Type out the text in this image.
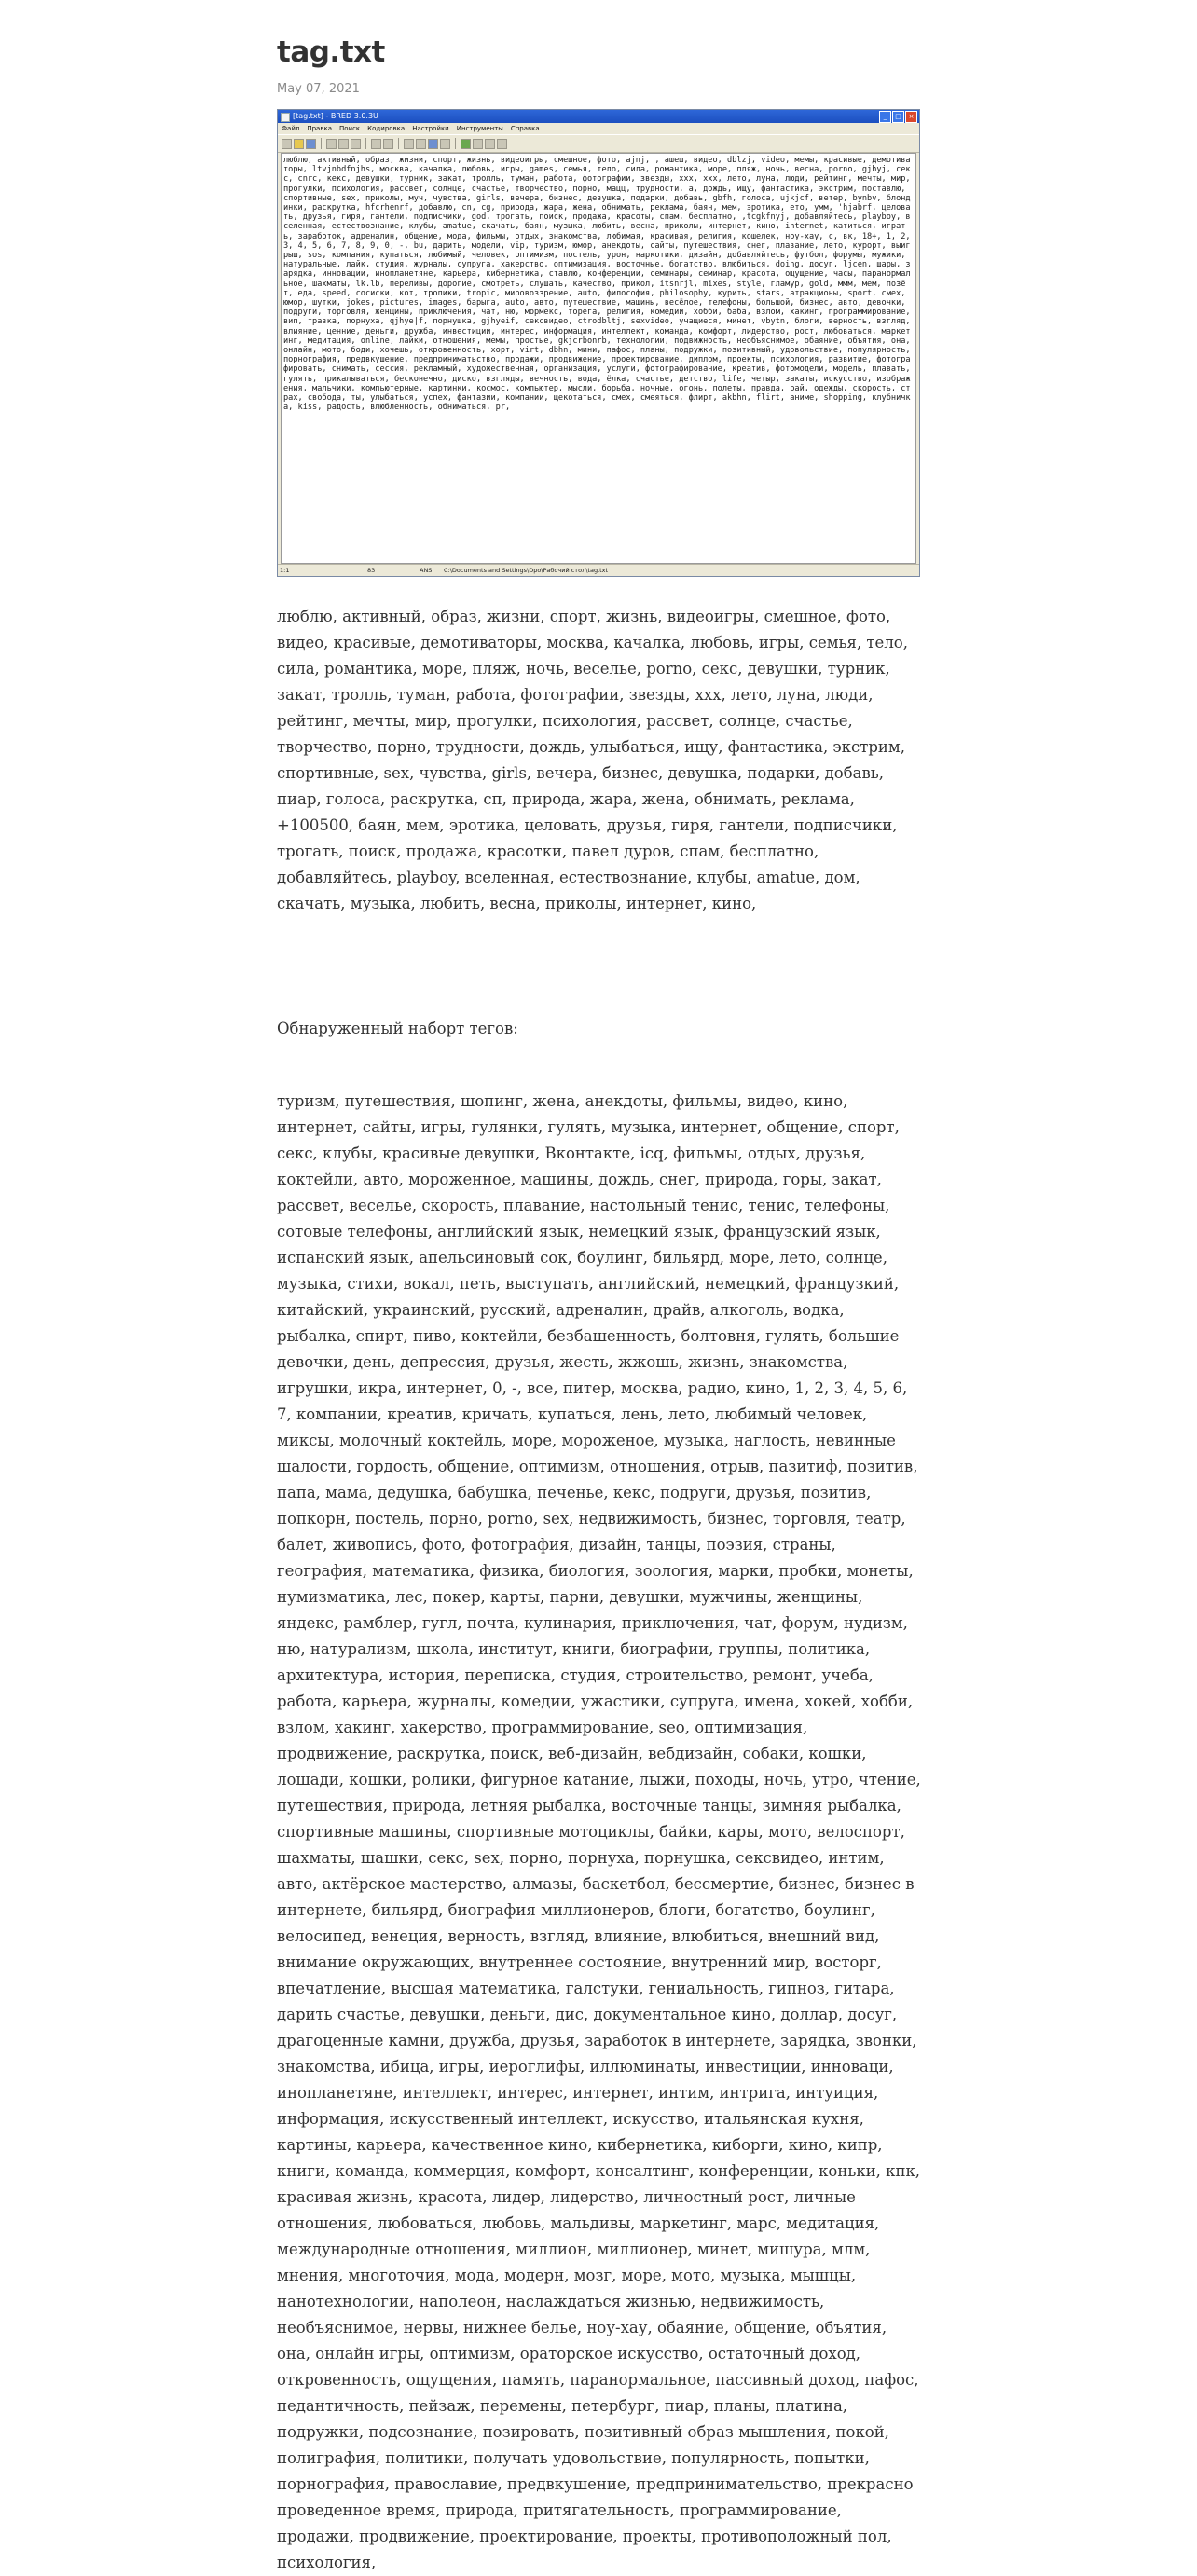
tag.txt
May 07, 2021
[tag.txt] - BRED 3.0.3U	_	□	×
Файл Правка Поиск Кодировка Настройки Инструменты Справка
люблю, активный, образ, жизни, спорт, жизнь, видеоигры, смешное, фото, ajnj, , ашеш, видео, dblzj, video, мемы, красивые, демотиваторы, ltvjnbdfnjhs, москва, качалка, любовь, игры, games, семья, тело, сила, романтика, море, пляж, ночь, весна, porno, gjhyj, секс, cnrc, кекс, девушки, турник, закат, тролль, туман, работа, фотографии, звезды, xxx, ххх, лето, луна, люди, рейтинг, мечты, мир, прогулки, психология, рассвет, солнце, счастье, творчество, порно, мацц, трудности, а, дождь, ищу, фантастика, экстрим, поставлю, спортивные, sex, приколы, муч, чувства, girls, вечера, бизнес, девушка, подарки, добавь, gbfh, голоса, ujkjcf, ветер, bynbv, блондинки, раскрутка, hfcrhenrf, добавлю, cn, cg, природа, жара, жена, обнимать, реклама, баян, мем, эротика, ето, умм, 'hjabrf, целовать, друзья, гиря, гантели, подписчики, god, трогать, поиск, продажа, красоты, спам, бесплатно, ,tcgkfnyj, добавляйтесь, playboy, вселенная, естествознание, клубы, amatue, скачать, баян, музыка, любить, весна, приколы, интернет, кино, internet, катиться, играть, заработок, адреналин, общение, мода, фильмы, отдых, знакомства, любимая, красивая, религия, кошелек, ноу-хау, с, вк, 18+, 1, 2, 3, 4, 5, 6, 7, 8, 9, 0, -, bu, дарить, модели, vip, туризм, юмор, анекдоты, сайты, путешествия, снег, плавание, лето, курорт, выигрыш, sos, компания, купаться, любимый, человек, оптимизм, постель, урон, наркотики, дизайн, добавляйтесь, футбол, форумы, мужики, натуральные, лайк, студия, журналы, супруга, хакерство, оптимизация, восточные, богатство, влюбиться, doing, досуг, ljcen, шары, зарядка, инновации, инопланетяне, карьера, кибернетика, ставлю, конференции, семинары, семинар, красота, ощущение, часы, паранормальное, шахматы, lk.lb, переливы, дорогие, смотреть, слушать, качество, прикол, itsnrjl, mixes, style, гламур, gold, ммм, мем, позёт, еда, speed, сосиски, кот, тропики, tropic, мировоззрение, auto, философия, philosophy, курить, stars, атракционы, sport, смех, юмор, шутки, jokes, pictures, images, барыга, auto, авто, путешествие, машины, весёлое, телефоны, большой, бизнес, авто, девочки, подруги, торговля, женщины, приключения, чат, ню, мормекс, торега, религия, комедии, хобби, баба, взлом, хакинг, программирование, вип, травка, порнуха, qjhye|f, порнушка, gjhyeif, сексвидео, ctrodbltj, sexvideo, учащиеся, минет, vbytn, блоги, верность, взгляд, влияние, ценние, деньги, дружба, инвестиции, интерес, информация, интеллект, команда, комфорт, лидерство, рост, любоваться, маркетинг, медитация, online, лайки, отношения, мемы, простые, gkjcrbonrb, технологии, подвижность, необъяснимое, обаяние, объятия, она, онлайн, мото, боди, хочешь, откровенность, хорт, virt, dbhn, мини, пафос, планы, подружки, позитивный, удовольствие, популярность, порнография, предвкушение, предприниматьство, продажи, продвижение, проектирование, диплом, проекты, психология, развитие, фотографировать, снимать, сессия, рекламный, художественная, организация, услуги, фотографирование, креатив, фотомодели, модель, плавать, гулять, прикалываться, бесконечно, диско, взгляды, вечность, вода, ёлка, счастье, детство, life, четыр, закаты, искусство, изображения, мальчики, компьютерные, картинки, космос, компьютер, мысли, борьба, ночные, огонь, полеты, правда, рай, одежды, скорость, страх, свобода, ты, улыбаться, успех, фантазии, компании, щекотаться, смех, смеяться, флирт, akbhn, flirt, аниме, shopping, клубничка, kiss, радость, влюбленность, обниматься, pr,
1:1	83	ANSI C:\Documents and Settings\Dpo\Рабочий стол\tag.txt

люблю, активный, образ, жизни, спорт, жизнь, видеоигры, смешное, фото, видео, красивые, демотиваторы, москва, качалка, любовь, игры, семья, тело, сила, романтика, море, пляж, ночь, веселье, porno, секс, девушки, турник, закат, тролль, туман, работа, фотографии, звезды, xxx, лето, луна, люди, рейтинг, мечты, мир, прогулки, психология, рассвет, солнце, счастье, творчество, порно, трудности, дождь, улыбаться, ищу, фантастика, экстрим, спортивные, sex, чувства, girls, вечера, бизнес, девушка, подарки, добавь, пиар, голоса, раскрутка, сп, природа, жара, жена, обнимать, реклама, +100500, баян, мем, эротика, целовать, друзья, гиря, гантели, подписчики, трогать, поиск, продажа, красотки, павел дуров, спам, бесплатно, добавляйтесь, playboy, вселенная, естествознание, клубы, amatue, дом, скачать, музыка, любить, весна, приколы, интернет, кино,

Обнаруженный наборт тегов:

туризм, путешествия, шопинг, жена, анекдоты, фильмы, видео, кино, интернет, сайты, игры, гулянки, гулять, музыка, интернет, общение, спорт, секс, клубы, красивые девушки, Вконтакте, icq, фильмы, отдых, друзья, коктейли, авто, мороженное, машины, дождь, снег, природа, горы, закат, рассвет, веселье, скорость, плавание, настольный тенис, тенис, телефоны, сотовые телефоны, английский язык, немецкий язык, французский язык, испанский язык, апельсиновый сок, боулинг, бильярд, море, лето, солнце, музыка, стихи, вокал, петь, выступать, английский, немецкий, французкий, китайский, украинский, русский, адреналин, драйв, алкоголь, водка, рыбалка, спирт, пиво, коктейли, безбашенность, болтовня, гулять, большие девочки, день, депрессия, друзья, жесть, жжошь, жизнь, знакомства, игрушки, икра, интернет, 0, -, все, питер, москва, радио, кино, 1, 2, 3, 4, 5, 6, 7, компании, креатив, кричать, купаться, лень, лето, любимый человек, миксы, молочный коктейль, море, мороженое, музыка, наглость, невинные шалости, гордость, общение, оптимизм, отношения, отрыв, пазитиф, позитив, папа, мама, дедушка, бабушка, печенье, кекс, подруги, друзья, позитив, попкорн, постель, порно, porno, sex, недвижимость, бизнес, торговля, театр, балет, живопись, фото, фотография, дизайн, танцы, поэзия, страны, география, математика, физика, биология, зоология, марки, пробки, монеты, нумизматика, лес, покер, карты, парни, девушки, мужчины, женщины, яндекс, рамблер, гугл, почта, кулинария, приключения, чат, форум, нудизм, ню, натурализм, школа, институт, книги, биографии, группы, политика, архитектура, история, переписка, студия, строительство, ремонт, учеба, работа, карьера, журналы, комедии, ужастики, супруга, имена, хокей, хобби, взлом, хакинг, хакерство, программирование, seo, оптимизация, продвижение, раскрутка, поиск, веб-дизайн, вебдизайн, собаки, кошки, лошади, кошки, ролики, фигурное катание, лыжи, походы, ночь, утро, чтение, путешествия, природа, летняя рыбалка, восточные танцы, зимняя рыбалка, спортивные машины, спортивные мотоциклы, байки, кары, мото, велоспорт, шахматы, шашки, секс, sex, порно, порнуха, порнушка, сексвидео, интим, авто, актёрское мастерство, алмазы, баскетбол, бессмертие, бизнес, бизнес в интернете, бильярд, биография миллионеров, блоги, богатство, боулинг, велосипед, венеция, верность, взгляд, влияние, влюбиться, внешний вид, внимание окружающих, внутреннее состояние, внутренний мир, восторг, впечатление, высшая математика, галстуки, гениальность, гипноз, гитара, дарить счастье, девушки, деньги, дис, документальное кино, доллар, досуг, драгоценные камни, дружба, друзья, заработок в интернете, зарядка, звонки, знакомства, ибица, игры, иероглифы, иллюминаты, инвестиции, инноваци, инопланетяне, интеллект, интерес, интернет, интим, интрига, интуиция, информация, искусственный интеллект, искусство, итальянская кухня, картины, карьера, качественное кино, кибернетика, киборги, кино, кипр, книги, команда, коммерция, комфорт, консалтинг, конференции, коньки, кпк, красивая жизнь, красота, лидер, лидерство, личностный рост, личные отношения, любоваться, любовь, мальдивы, маркетинг, марс, медитация, международные отношения, миллион, миллионер, минет, мишура, млм, мнения, многоточия, мода, модерн, мозг, море, мото, музыка, мышцы, нанотехнологии, наполеон, наслаждаться жизнью, недвижимость, необъяснимое, нервы, нижнее белье, ноу-хау, обаяние, общение, объятия, она, онлайн игры, оптимизм, ораторское искусство, остаточный доход, откровенность, ощущения, память, паранормальное, пассивный доход, пафос, педантичность, пейзаж, перемены, петербург, пиар, планы, платина, подружки, подсознание, позировать, позитивный образ мышления, покой, полиграфия, политики, получать удовольствие, популярность, попытки, порнография, православие, предвкушение, предпринимательство, прекрасно проведенное время, природа, притягательность, программирование, продажи, продвижение, проектирование, проекты, противоположный пол, психология,
